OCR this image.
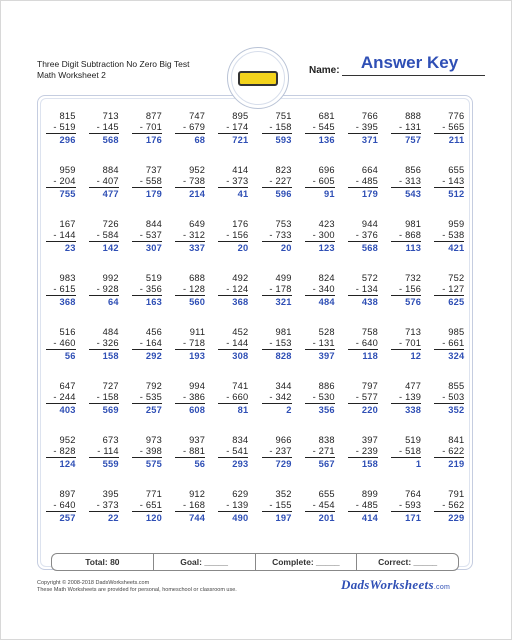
Three Digit Subtraction No Zero Big Test
Math Worksheet 2	Name:	Answer Key
815
- 519
296
713
- 145
568
877
- 701
176
747
- 679
68
895
- 174
721
751
- 158
593
681
- 545
136
766
- 395
371
888
- 131
757
776
- 565
211
959
- 204
755
884
- 407
477
737
- 558
179
952
- 738
214
414
- 373
41
823
- 227
596
696
- 605
91
664
- 485
179
856
- 313
543
655
- 143
512
167
- 144
23
726
- 584
142
844
- 537
307
649
- 312
337
176
- 156
20
753
- 733
20
423
- 300
123
944
- 376
568
981
- 868
113
959
- 538
421
983
- 615
368
992
- 928
64
519
- 356
163
688
- 128
560
492
- 124
368
499
- 178
321
824
- 340
484
572
- 134
438
732
- 156
576
752
- 127
625
516
- 460
56
484
- 326
158
456
- 164
292
911
- 718
193
452
- 144
308
981
- 153
828
528
- 131
397
758
- 640
118
713
- 701
12
985
- 661
324
647
- 244
403
727
- 158
569
792
- 535
257
994
- 386
608
741
- 660
81
344
- 342
2
886
- 530
356
797
- 577
220
477
- 139
338
855
- 503
352
952
- 828
124
673
- 114
559
973
- 398
575
937
- 881
56
834
- 541
293
966
- 237
729
838
- 271
567
397
- 239
158
519
- 518
1
841
- 622
219
897
- 640
257
395
- 373
22
771
- 651
120
912
- 168
744
629
- 139
490
352
- 155
197
655
- 454
201
899
- 485
414
764
- 593
171
791
- 562
229
Total: 80	Goal: _____	Complete: _____	Correct: _____
Copyright © 2008-2018 DadsWorksheets.com
These Math Worksheets are provided for personal, homeschool or classroom use.	DadsWorksheets.com
